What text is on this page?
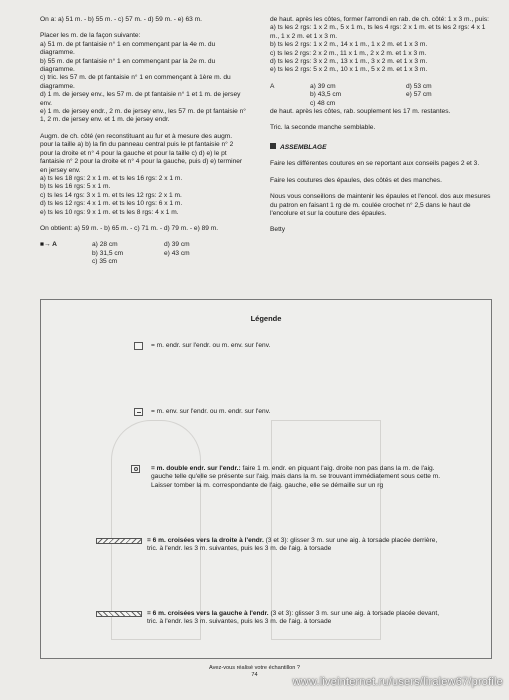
On a: a) 51 m. - b) 55 m. - c) 57 m. - d) 59 m. - e) 63 m.

Placer les m. de la façon suivante:

a) 51 m. de pt fantaisie n° 1 en commençant par la 4e m. du diagramme.

b) 55 m. de pt fantaisie n° 1 en commençant par la 2e m. du diagramme.

c) tric. les 57 m. de pt fantaisie n° 1 en commençant à 1ère m. du diagramme.

d) 1 m. de jersey env., les 57 m. de pt fantaisie n° 1 et 1 m. de jersey env.

e) 1 m. de jersey endr., 2 m. de jersey env., les 57 m. de pt fantaisie n° 1, 2 m. de jersey env. et 1 m. de jersey endr.

Augm. de ch. côté (en reconstituant au fur et à mesure des augm. pour la taille a) b) la fin du panneau central puis le pt fantaisie n° 2 pour la droite et n° 4 pour la gauche et pour la taille c) d) e) le pt fantaisie n° 2 pour la droite et n° 4 pour la gauche, puis d) e) terminer en jersey env.

a) ts les 18 rgs: 2 x 1 m. et ts les 16 rgs: 2 x 1 m.

b) ts les 16 rgs: 5 x 1 m.

c) ts les 14 rgs: 3 x 1 m. et ts les 12 rgs: 2 x 1 m.

d) ts les 12 rgs: 4 x 1 m. et ts les 10 rgs: 6 x 1 m.

e) ts les 10 rgs: 9 x 1 m. et ts les 8 rgs: 4 x 1 m.

On obtient: a) 59 m. - b) 65 m. - c) 71 m. - d) 79 m. - e) 89 m.

■→ A	a) 28 cm	d) 39 cm
b) 31,5 cm	e) 43 cm
c) 35 cm

de haut. après les côtes, former l'arrondi en rab. de ch. côté: 1 x 3 m., puis:

a) ts les 2 rgs: 1 x 2 m., 5 x 1 m., ts les 4 rgs: 2 x 1 m. et ts les 2 rgs: 4 x 1 m., 1 x 2 m. et 1 x 3 m.

b) ts les 2 rgs: 1 x 2 m., 14 x 1 m., 1 x 2 m. et 1 x 3 m.

c) ts les 2 rgs: 2 x 2 m., 11 x 1 m., 2 x 2 m. et 1 x 3 m.

d) ts les 2 rgs: 3 x 2 m., 13 x 1 m., 3 x 2 m. et 1 x 3 m.

e) ts les 2 rgs: 5 x 2 m., 10 x 1 m., 5 x 2 m. et 1 x 3 m.

A	a) 39 cm	d) 53 cm
b) 43,5 cm	e) 57 cm
c) 48 cm

de haut. après les côtes, rab. souplement les 17 m. restantes.

Tric. la seconde manche semblable.

ASSEMBLAGE

Faire les différentes coutures en se reportant aux conseils pages 2 et 3.

Faire les coutures des épaules, des côtés et des manches.

Nous vous conseillons de maintenir les épaules et l'encol. dos aux mesures du patron en faisant 1 rg de m. coulée crochet n° 2,5 dans le haut de l'encolure et sur la couture des épaules.

Betty

Légende
= m. endr. sur l'endr. ou m. env. sur l'env.
= m. env. sur l'endr. ou m. endr. sur l'env.
= m. double endr. sur l'endr.: faire 1 m. endr. en piquant l'aig. droite non pas dans la m. de l'aig. gauche telle qu'elle se présente sur l'aig. mais dans la m. se trouvant immédiatement sous cette m. Laisser tomber la m. correspondante de l'aig. gauche, elle se démaille sur un rg
= 6 m. croisées vers la droite à l'endr. (3 et 3): glisser 3 m. sur une aig. à torsade placée derrière, tric. à l'endr. les 3 m. suivantes, puis les 3 m. de l'aig. à torsade
= 6 m. croisées vers la gauche à l'endr. (3 et 3): glisser 3 m. sur une aig. à torsade placée devant, tric. à l'endr. les 3 m. suivantes, puis les 3 m. de l'aig. à torsade
Avez-vous réalisé votre échantillon ?
74
www.liveinternet.ru/users/liralew67/profile
